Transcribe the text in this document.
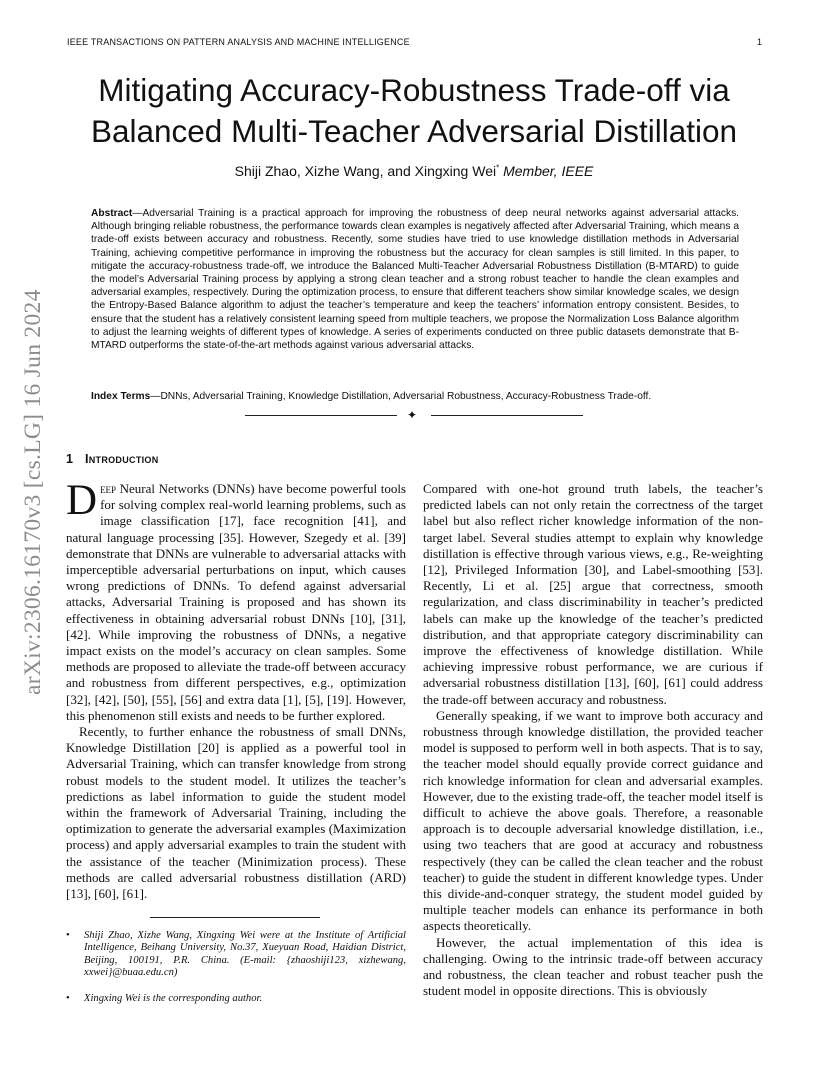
IEEE TRANSACTIONS ON PATTERN ANALYSIS AND MACHINE INTELLIGENCE	1
arXiv:2306.16170v3 [cs.LG] 16 Jun 2024
Mitigating Accuracy-Robustness Trade-off via
Balanced Multi-Teacher Adversarial Distillation
Shiji Zhao, Xizhe Wang, and Xingxing Wei* Member, IEEE
Abstract—Adversarial Training is a practical approach for improving the robustness of deep neural networks against adversarial attacks. Although bringing reliable robustness, the performance towards clean examples is negatively affected after Adversarial Training, which means a trade-off exists between accuracy and robustness. Recently, some studies have tried to use knowledge distillation methods in Adversarial Training, achieving competitive performance in improving the robustness but the accuracy for clean samples is still limited. In this paper, to mitigate the accuracy-robustness trade-off, we introduce the Balanced Multi-Teacher Adversarial Robustness Distillation (B-MTARD) to guide the model’s Adversarial Training process by applying a strong clean teacher and a strong robust teacher to handle the clean examples and adversarial examples, respectively. During the optimization process, to ensure that different teachers show similar knowledge scales, we design the Entropy-Based Balance algorithm to adjust the teacher’s temperature and keep the teachers’ information entropy consistent. Besides, to ensure that the student has a relatively consistent learning speed from multiple teachers, we propose the Normalization Loss Balance algorithm to adjust the learning weights of different types of knowledge. A series of experiments conducted on three public datasets demonstrate that B-MTARD outperforms the state-of-the-art methods against various adversarial attacks.
Index Terms—DNNs, Adversarial Training, Knowledge Distillation, Adversarial Robustness, Accuracy-Robustness Trade-off.
✦
1 Introduction

Deep Neural Networks (DNNs) have become powerful tools for solving complex real-world learning problems, such as image classification [17], face recognition [41], and natural language processing [35]. However, Szegedy et al. [39] demonstrate that DNNs are vulnerable to adversarial attacks with imperceptible adversarial perturbations on input, which causes wrong predictions of DNNs. To defend against adversarial attacks, Adversarial Training is proposed and has shown its effectiveness in obtaining adversarial robust DNNs [10], [31], [42]. While improving the robustness of DNNs, a negative impact exists on the model’s accuracy on clean samples. Some methods are proposed to alleviate the trade-off between accuracy and robustness from different perspectives, e.g., optimization [32], [42], [50], [55], [56] and extra data [1], [5], [19]. However, this phenomenon still exists and needs to be further explored.

Recently, to further enhance the robustness of small DNNs, Knowledge Distillation [20] is applied as a powerful tool in Adversarial Training, which can transfer knowledge from strong robust models to the student model. It utilizes the teacher’s predictions as label information to guide the student model within the framework of Adversarial Training, including the optimization to generate the adversarial examples (Maximization process) and apply adversarial examples to train the student with the assistance of the teacher (Minimization process). These methods are called adversarial robustness distillation (ARD) [13], [60], [61].

• Shiji Zhao, Xizhe Wang, Xingxing Wei were at the Institute of Artificial Intelligence, Beihang University, No.37, Xueyuan Road, Haidian District, Beijing, 100191, P.R. China. (E-mail: {zhaoshiji123, xizhewang, xxwei}@buaa.edu.cn)
• Xingxing Wei is the corresponding author.

Compared with one-hot ground truth labels, the teacher’s predicted labels can not only retain the correctness of the target label but also reflect richer knowledge information of the non-target label. Several studies attempt to explain why knowledge distillation is effective through various views, e.g., Re-weighting [12], Privileged Information [30], and Label-smoothing [53]. Recently, Li et al. [25] argue that correctness, smooth regularization, and class discriminability in teacher’s predicted labels can make up the knowledge of the teacher’s predicted distribution, and that appropriate category discriminability can improve the effectiveness of knowledge distillation. While achieving impressive robust performance, we are curious if adversarial robustness distillation [13], [60], [61] could address the trade-off between accuracy and robustness.

Generally speaking, if we want to improve both accuracy and robustness through knowledge distillation, the provided teacher model is supposed to perform well in both aspects. That is to say, the teacher model should equally provide correct guidance and rich knowledge information for clean and adversarial examples. However, due to the existing trade-off, the teacher model itself is difficult to achieve the above goals. Therefore, a reasonable approach is to decouple adversarial knowledge distillation, i.e., using two teachers that are good at accuracy and robustness respectively (they can be called the clean teacher and the robust teacher) to guide the student in different knowledge types. Under this divide-and-conquer strategy, the student model guided by multiple teacher models can enhance its performance in both aspects theoretically.

However, the actual implementation of this idea is challenging. Owing to the intrinsic trade-off between accuracy and robustness, the clean teacher and robust teacher push the student model in opposite directions. This is obviously
